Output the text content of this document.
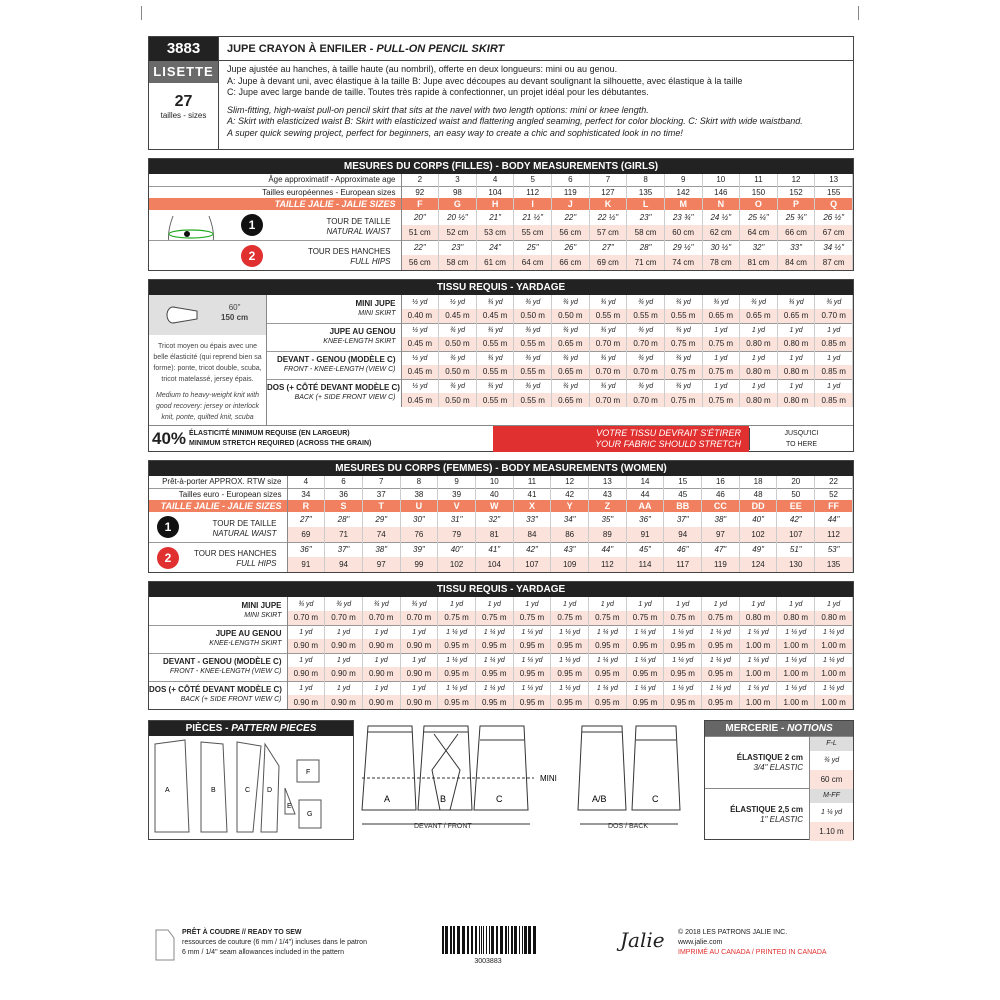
3883
LISETTE
27
tailles - sizes
JUPE CRAYON À ENFILER - PULL-ON PENCIL SKIRT

Jupe ajustée au hanches, à taille haute (au nombril), offerte en deux longueurs: mini ou au genou.

A: Jupe à devant uni, avec élastique à la taille B: Jupe avec découpes au devant soulignant la silhouette, avec élastique à la taille

C: Jupe avec large bande de taille. Toutes très rapide à confectionner, un projet idéal pour les débutantes.

Slim-fitting, high-waist pull-on pencil skirt that sits at the navel with two length options: mini or knee length.

A: Skirt with elasticized waist B: Skirt with elasticized waist and flattering angled seaming, perfect for color blocking. C: Skirt with wide waistband.

A super quick sewing project, perfect for beginners, an easy way to create a chic and sophisticated look in no time!

MESURES DU CORPS (FILLES) - BODY MEASUREMENTS (GIRLS)
Âge approximatif - Approximate age	2	3	4	5	6	7	8	9	10	11	12	13
Tailles européennes - European sizes	92	98	104	112	119	127	135	142	146	150	152	155
TAILLE JALIE - JALIE SIZES	F	G	H	I	J	K	L	M	N	O	P	Q

1 TOUR DE TAILLE
NATURAL WAIST	20"	20 ½"	21"	21 ½"	22"	22 ½"	23"	23 ¾"	24 ½"	25 ¼"	25 ¾"	26 ½"
	51 cm	52 cm	53 cm	55 cm	56 cm	57 cm	58 cm	60 cm	62 cm	64 cm	66 cm	67 cm

2 TOUR DES HANCHES
FULL HIPS	22"	23"	24"	25"	26"	27"	28"	29 ½"	30 ½"	32"	33"	34 ½"
	56 cm	58 cm	61 cm	64 cm	66 cm	69 cm	71 cm	74 cm	78 cm	81 cm	84 cm	87 cm
TISSU REQUIS - YARDAGE
60"
150 cm

Tricot moyen ou épais avec une belle élasticité (qui reprend bien sa forme): ponte, tricot double, scuba, tricot matelassé, jersey épais.

Medium to heavy-weight knit with good recovery: jersey or interlock knit, ponte, quilted knit, scuba

MINI JUPE
MINI SKIRT	½ yd	½ yd	¾ yd	¾ yd	¾ yd	¾ yd	¾ yd	¾ yd	¾ yd	¾ yd	¾ yd	¾ yd
	0.40 m	0.45 m	0.45 m	0.50 m	0.50 m	0.55 m	0.55 m	0.55 m	0.65 m	0.65 m	0.65 m	0.70 m

JUPE AU GENOU
KNEE-LENGTH SKIRT	½ yd	¾ yd	¾ yd	¾ yd	¾ yd	¾ yd	¾ yd	¾ yd	1 yd	1 yd	1 yd	1 yd
	0.45 m	0.50 m	0.55 m	0.55 m	0.65 m	0.70 m	0.70 m	0.75 m	0.75 m	0.80 m	0.80 m	0.85 m

DEVANT - GENOU (MODÈLE C)
FRONT - KNEE-LENGTH (VIEW C)	½ yd	¾ yd	¾ yd	¾ yd	¾ yd	¾ yd	¾ yd	¾ yd	1 yd	1 yd	1 yd	1 yd
	0.45 m	0.50 m	0.55 m	0.55 m	0.65 m	0.70 m	0.70 m	0.75 m	0.75 m	0.80 m	0.80 m	0.85 m

DOS (+ CÔTÉ DEVANT MODÈLE C)
BACK (+ SIDE FRONT VIEW C)	½ yd	¾ yd	¾ yd	¾ yd	¾ yd	¾ yd	¾ yd	¾ yd	1 yd	1 yd	1 yd	1 yd
	0.45 m	0.50 m	0.55 m	0.55 m	0.65 m	0.70 m	0.70 m	0.75 m	0.75 m	0.80 m	0.80 m	0.85 m
40% ÉLASTICITÉ MINIMUM REQUISE (EN LARGEUR)
MINIMUM STRETCH REQUIRED (ACROSS THE GRAIN)
VOTRE TISSU DEVRAIT S'ÉTIRER
YOUR FABRIC SHOULD STRETCH
JUSQU'ICI
TO HERE
MESURES DU CORPS (FEMMES) - BODY MEASUREMENTS (WOMEN)
Prêt-à-porter APPROX. RTW size	4	6	7	8	9	10	11	12	13	14	15	16	18	20	22
Tailles euro - European sizes	34	36	37	38	39	40	41	42	43	44	45	46	48	50	52
TAILLE JALIE - JALIE SIZES	R	S	T	U	V	W	X	Y	Z	AA	BB	CC	DD	EE	FF

1 TOUR DE TAILLE
NATURAL WAIST	27"	28"	29"	30"	31"	32"	33"	34"	35"	36"	37"	38"	40"	42"	44"
	69	71	74	76	79	81	84	86	89	91	94	97	102	107	112

2 TOUR DES HANCHES
FULL HIPS	36"	37"	38"	39"	40"	41"	42"	43"	44"	45"	46"	47"	49"	51"	53"
	91	94	97	99	102	104	107	109	112	114	117	119	124	130	135
TISSU REQUIS - YARDAGE
MINI JUPE
MINI SKIRT	¾ yd	¾ yd	¾ yd	¾ yd	1 yd	1 yd	1 yd	1 yd	1 yd	1 yd	1 yd	1 yd	1 yd	1 yd	1 yd
	0.70 m	0.70 m	0.70 m	0.70 m	0.75 m	0.75 m	0.75 m	0.75 m	0.75 m	0.75 m	0.75 m	0.75 m	0.80 m	0.80 m	0.80 m

JUPE AU GENOU
KNEE-LENGTH SKIRT	1 yd	1 yd	1 yd	1 yd	1 ¼ yd	1 ¼ yd	1 ¼ yd	1 ¼ yd	1 ¼ yd	1 ¼ yd	1 ¼ yd	1 ¼ yd	1 ¼ yd	1 ¼ yd	1 ¼ yd
	0.90 m	0.90 m	0.90 m	0.90 m	0.95 m	0.95 m	0.95 m	0.95 m	0.95 m	0.95 m	0.95 m	0.95 m	1.00 m	1.00 m	1.00 m

DEVANT - GENOU (MODÈLE C)
FRONT - KNEE-LENGTH (VIEW C)	1 yd	1 yd	1 yd	1 yd	1 ¼ yd	1 ¼ yd	1 ¼ yd	1 ¼ yd	1 ¼ yd	1 ¼ yd	1 ¼ yd	1 ¼ yd	1 ¼ yd	1 ¼ yd	1 ¼ yd
	0.90 m	0.90 m	0.90 m	0.90 m	0.95 m	0.95 m	0.95 m	0.95 m	0.95 m	0.95 m	0.95 m	0.95 m	1.00 m	1.00 m	1.00 m

DOS (+ CÔTÉ DEVANT MODÈLE C)
BACK (+ SIDE FRONT VIEW C)	1 yd	1 yd	1 yd	1 yd	1 ¼ yd	1 ¼ yd	1 ¼ yd	1 ¼ yd	1 ¼ yd	1 ¼ yd	1 ¼ yd	1 ¼ yd	1 ¼ yd	1 ¼ yd	1 ¼ yd
	0.90 m	0.90 m	0.90 m	0.90 m	0.95 m	0.95 m	0.95 m	0.95 m	0.95 m	0.95 m	0.95 m	0.95 m	1.00 m	1.00 m	1.00 m
PIÈCES - PATTERN PIECES
A	B	C D
E
F
G
A	B	C	A/B	C
MINI
DEVANT / FRONT	DOS / BACK
MERCERIE - NOTIONS
ÉLASTIQUE 2 cm
3/4" ELASTIC
F-L
¾ yd
60 cm
ÉLASTIQUE 2,5 cm
1" ELASTIC
M-FF
1 ¼ yd
1.10 m
PRÊT À COUDRE // READY TO SEW
ressources de couture (6 mm / 1/4") incluses dans le patron
6 mm / 1/4" seam allowances included in the pattern
3003883
Jalie © 2018 LES PATRONS JALIE INC.
www.jalie.com
IMPRIMÉ AU CANADA / PRINTED IN CANADA
